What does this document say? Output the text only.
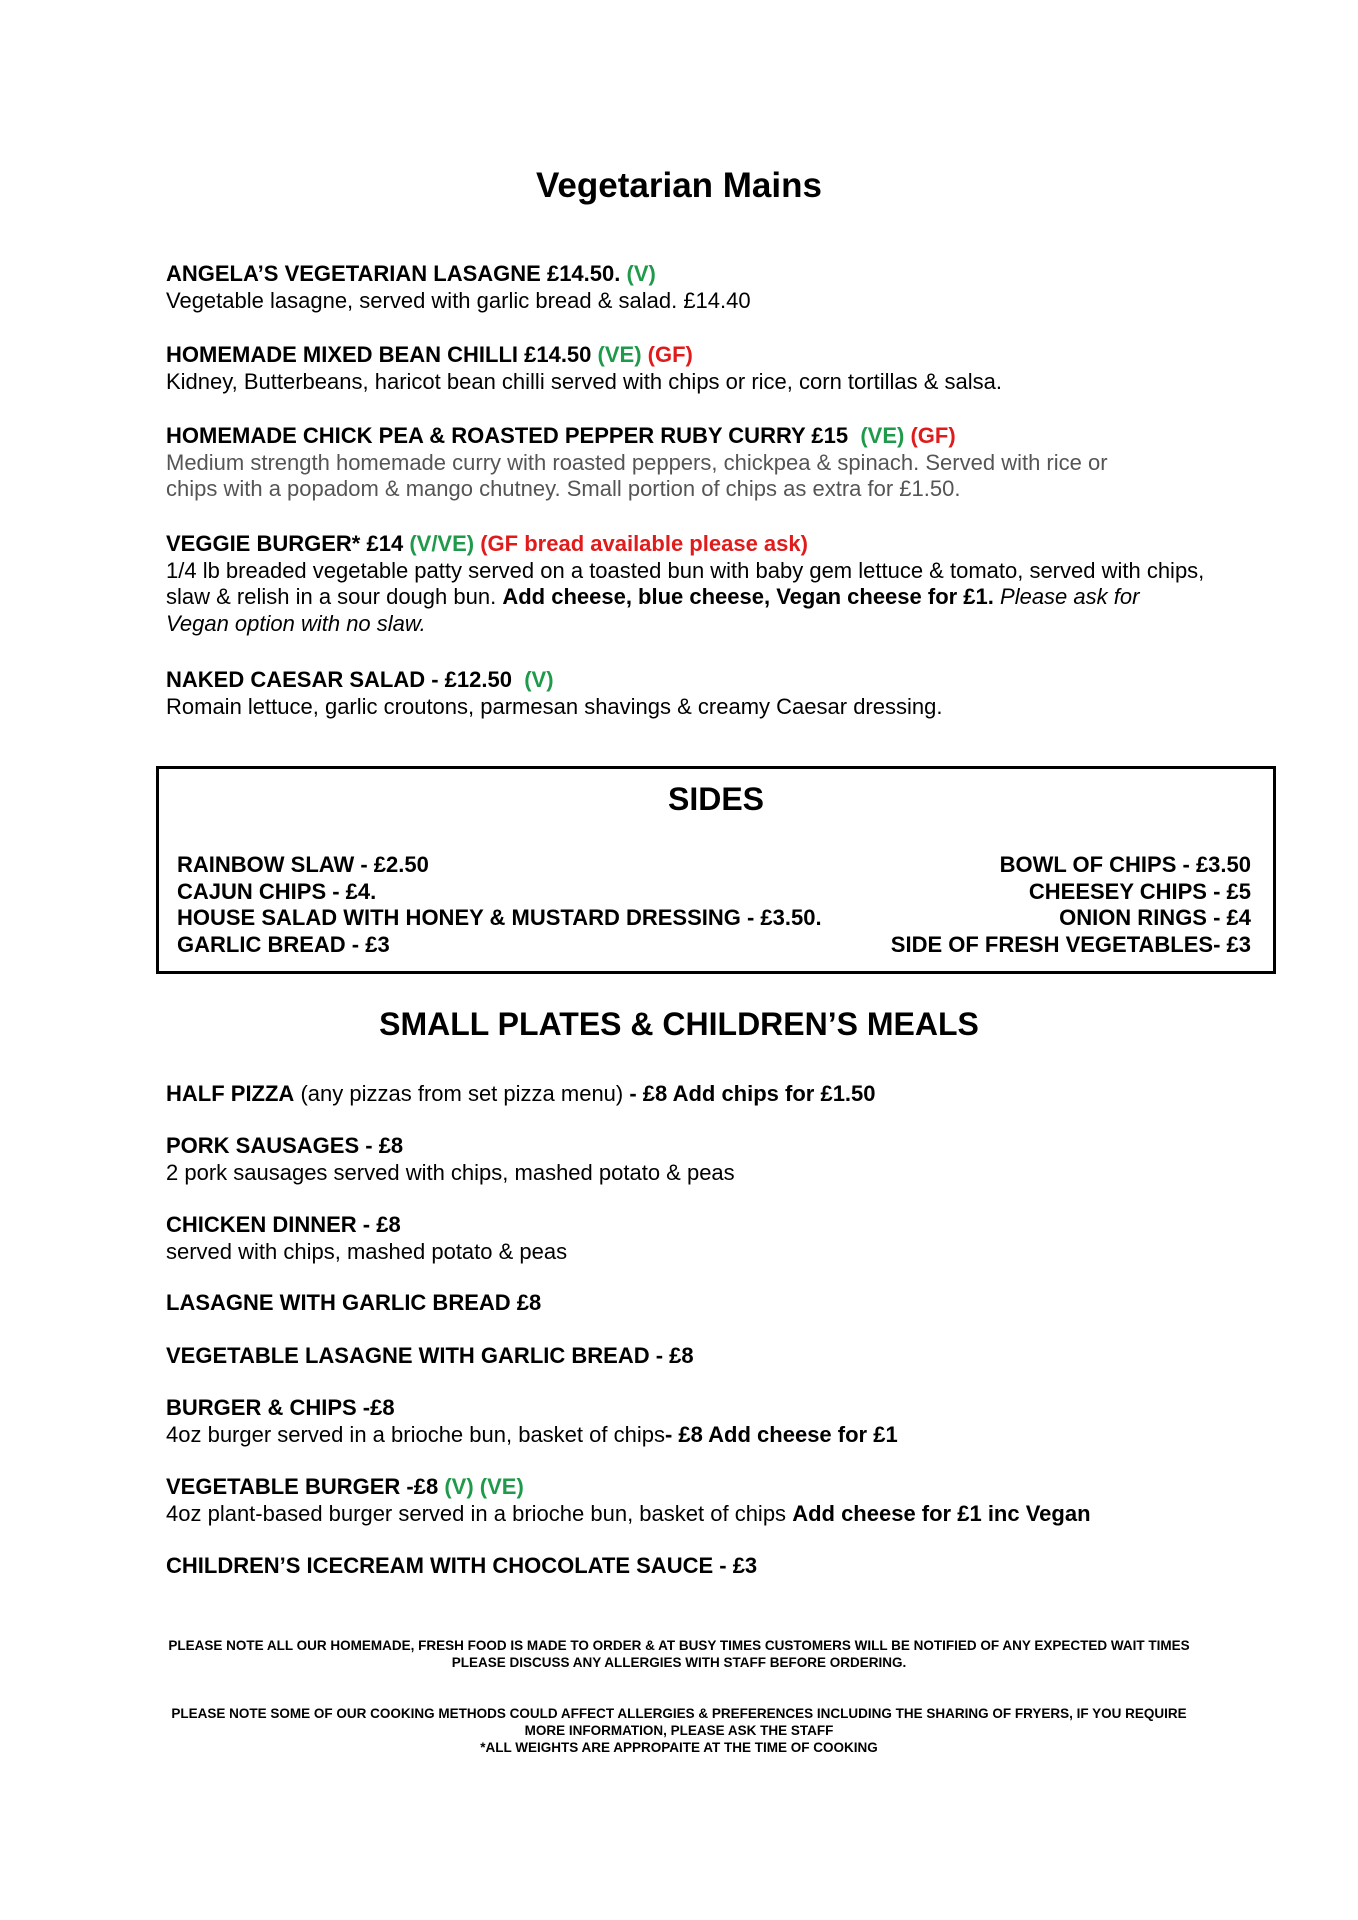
Vegetarian Mains
ANGELA’S VEGETARIAN LASAGNE £14.50. (V)
Vegetable lasagne, served with garlic bread & salad. £14.40
HOMEMADE MIXED BEAN CHILLI £14.50 (VE) (GF)
Kidney, Butterbeans, haricot bean chilli served with chips or rice, corn tortillas & salsa.
HOMEMADE CHICK PEA & ROASTED PEPPER RUBY CURRY £15 (VE) (GF)
Medium strength homemade curry with roasted peppers, chickpea & spinach. Served with rice or chips with a popadom & mango chutney. Small portion of chips as extra for £1.50.
VEGGIE BURGER* £14 (V/VE) (GF bread available please ask)
1/4 lb breaded vegetable patty served on a toasted bun with baby gem lettuce & tomato, served with chips, slaw & relish in a sour dough bun. Add cheese, blue cheese, Vegan cheese for £1. Please ask for Vegan option with no slaw.
NAKED CAESAR SALAD - £12.50 (V)
Romain lettuce, garlic croutons, parmesan shavings & creamy Caesar dressing.
SIDES
RAINBOW SLAW - £2.50
CAJUN CHIPS - £4.
HOUSE SALAD WITH HONEY & MUSTARD DRESSING - £3.50.
GARLIC BREAD - £3
BOWL OF CHIPS - £3.50
CHEESEY CHIPS - £5
ONION RINGS - £4
SIDE OF FRESH VEGETABLES- £3
SMALL PLATES & CHILDREN’S MEALS
HALF PIZZA (any pizzas from set pizza menu) - £8 Add chips for £1.50
PORK SAUSAGES - £8
2 pork sausages served with chips, mashed potato & peas
CHICKEN DINNER - £8
served with chips, mashed potato & peas
LASAGNE WITH GARLIC BREAD £8
VEGETABLE LASAGNE WITH GARLIC BREAD - £8
BURGER & CHIPS -£8
4oz burger served in a brioche bun, basket of chips- £8 Add cheese for £1
VEGETABLE BURGER -£8 (V) (VE)
4oz plant-based burger served in a brioche bun, basket of chips Add cheese for £1 inc Vegan
CHILDREN’S ICECREAM WITH CHOCOLATE SAUCE - £3
PLEASE NOTE ALL OUR HOMEMADE, FRESH FOOD IS MADE TO ORDER & AT BUSY TIMES CUSTOMERS WILL BE NOTIFIED OF ANY EXPECTED WAIT TIMES
PLEASE DISCUSS ANY ALLERGIES WITH STAFF BEFORE ORDERING.
PLEASE NOTE SOME OF OUR COOKING METHODS COULD AFFECT ALLERGIES & PREFERENCES INCLUDING THE SHARING OF FRYERS, IF YOU REQUIRE MORE INFORMATION, PLEASE ASK THE STAFF
*ALL WEIGHTS ARE APPROPAITE AT THE TIME OF COOKING
